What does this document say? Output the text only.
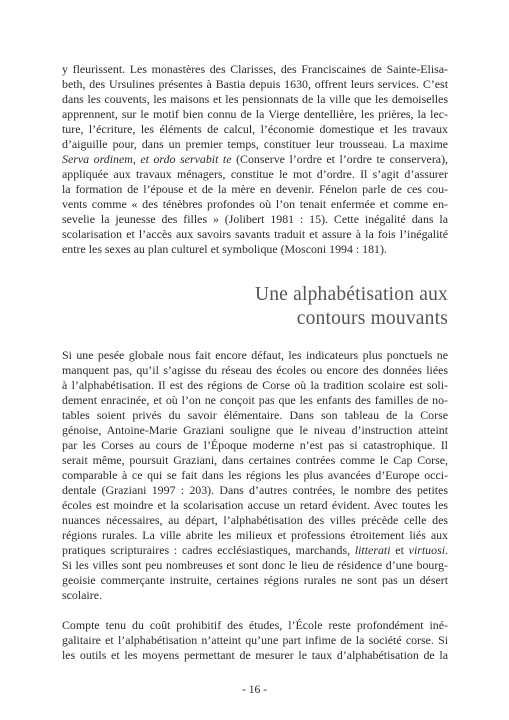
y fleurissent. Les monastères des Clarisses, des Franciscaines de Sainte-Elisa-
beth, des Ursulines présentes à Bastia depuis 1630, offrent leurs services. C’est
dans les couvents, les maisons et les pensionnats de la ville que les demoiselles
apprennent, sur le motif bien connu de la Vierge dentellière, les prières, la lec-
ture, l’écriture, les éléments de calcul, l’économie domestique et les travaux
d’aiguille pour, dans un premier temps, constituer leur trousseau. La maxime
Serva ordinem, et ordo servabit te (Conserve l’ordre et l’ordre te conservera),
appliquée aux travaux ménagers, constitue le mot d’ordre. Il s’agit d’assurer
la formation de l’épouse et de la mère en devenir. Fénelon parle de ces cou-
vents comme « des ténèbres profondes où l’on tenait enfermée et comme en-
sevelie la jeunesse des filles » (Jolibert 1981 : 15). Cette inégalité dans la
scolarisation et l’accès aux savoirs savants traduit et assure à la fois l’inégalité
entre les sexes au plan culturel et symbolique (Mosconi 1994 : 181).
Une alphabétisation aux
contours mouvants
Si une pesée globale nous fait encore défaut, les indicateurs plus ponctuels ne
manquent pas, qu’il s’agisse du réseau des écoles ou encore des données liées
à l’alphabétisation. Il est des régions de Corse où la tradition scolaire est soli-
dement enracinée, et où l’on ne conçoit pas que les enfants des familles de no-
tables soient privés du savoir élémentaire. Dans son tableau de la Corse
génoise, Antoine-Marie Graziani souligne que le niveau d’instruction atteint
par les Corses au cours de l’Époque moderne n’est pas si catastrophique. Il
serait même, poursuit Graziani, dans certaines contrées comme le Cap Corse,
comparable à ce qui se fait dans les régions les plus avancées d’Europe occi-
dentale (Graziani 1997 : 203). Dans d’autres contrées, le nombre des petites
écoles est moindre et la scolarisation accuse un retard évident. Avec toutes les
nuances nécessaires, au départ, l’alphabétisation des villes précède celle des
régions rurales. La ville abrite les milieux et professions étroitement liés aux
pratiques scripturaires : cadres ecclésiastiques, marchands, litterati et virtuosi.
Si les villes sont peu nombreuses et sont donc le lieu de résidence d’une bourg-
geoisie commerçante instruite, certaines régions rurales ne sont pas un désert
scolaire.
Compte tenu du coût prohibitif des études, l’École reste profondément iné-
galitaire et l’alphabétisation n’atteint qu’une part infime de la société corse. Si
les outils et les moyens permettant de mesurer le taux d’alphabétisation de la
- 16 -
